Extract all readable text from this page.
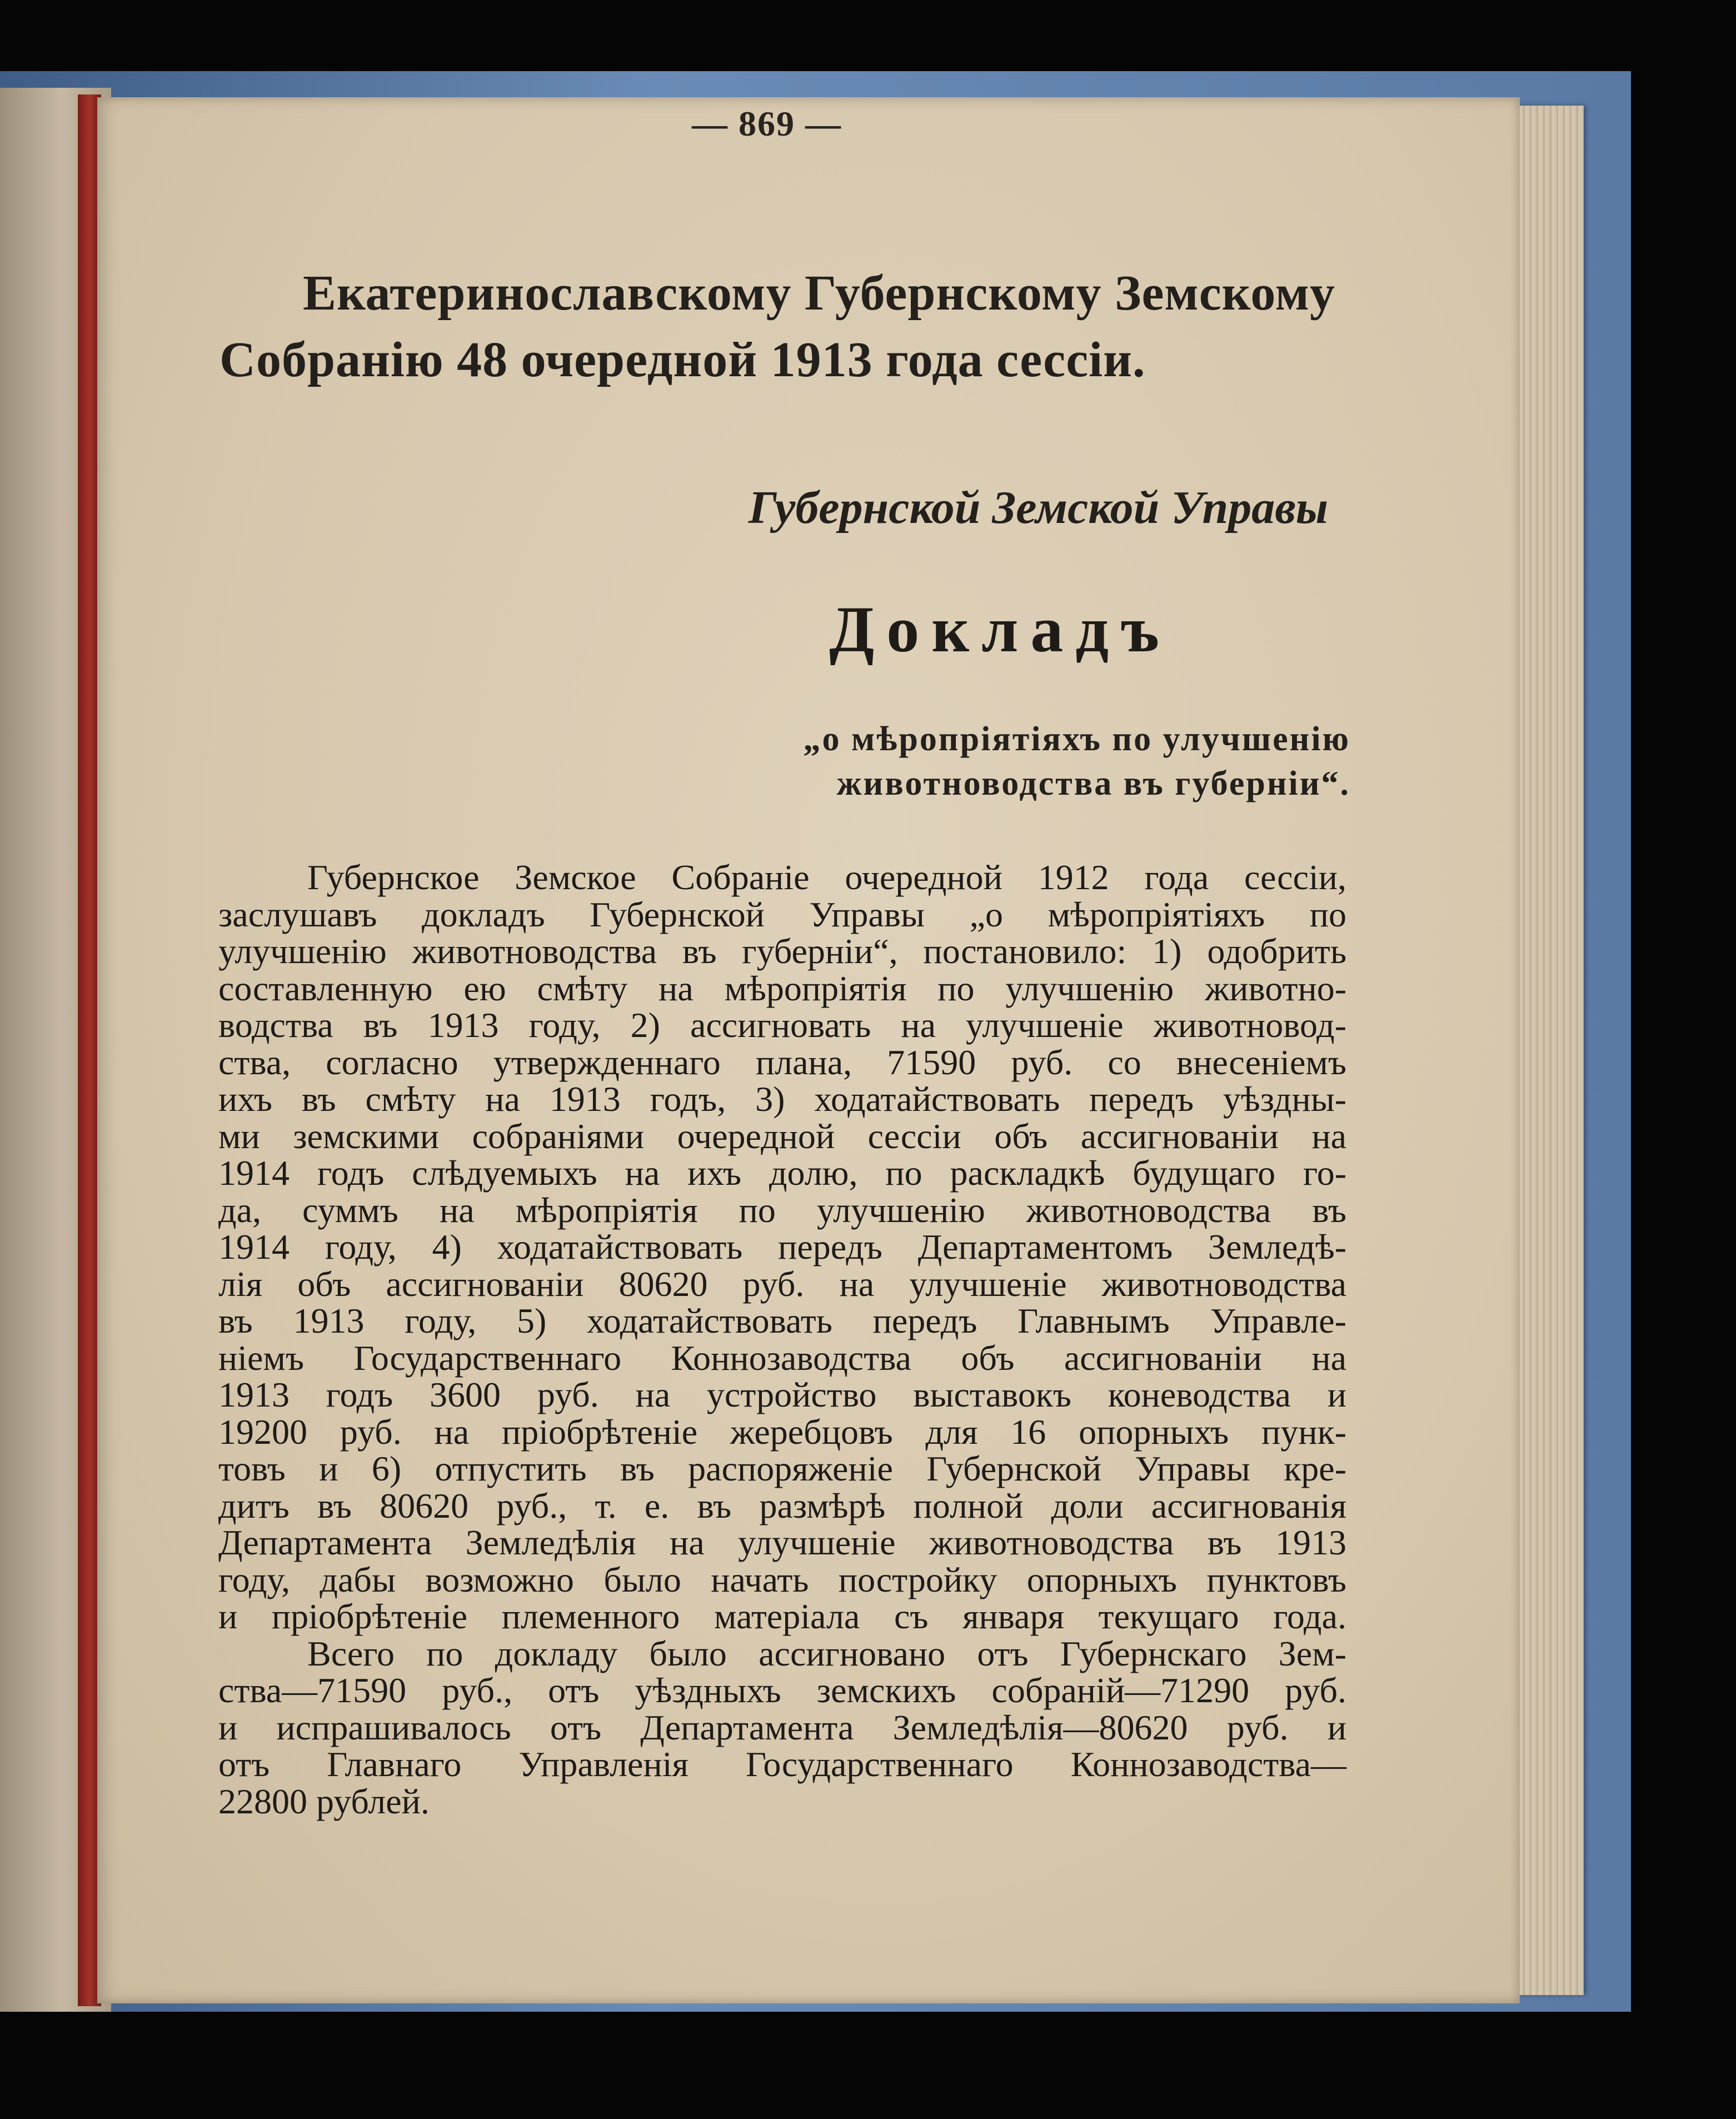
— 869 —
Екатеринославскому Губернскому Земскому
Собранію 48 очередной 1913 года сессіи.
Губернской Земской Управы
Докладъ
„о мѣропріятіяхъ по улучшенію
животноводства въ губерніи“.
Губернское Земское Собраніе очередной 1912 года сессіи,
заслушавъ докладъ Губернской Управы „о мѣропріятіяхъ по
улучшенію животноводства въ губерніи“, постановило: 1) одобрить
составленную ею смѣту на мѣропріятія по улучшенію животно-
водства въ 1913 году, 2) ассигновать на улучшеніе животновод-
ства, согласно утвержденнаго плана, 71590 руб. со внесеніемъ
ихъ въ смѣту на 1913 годъ, 3) ходатайствовать передъ уѣздны-
ми земскими собраніями очередной сессіи объ ассигнованіи на
1914 годъ слѣдуемыхъ на ихъ долю, по раскладкѣ будущаго го-
да, суммъ на мѣропріятія по улучшенію животноводства въ
1914 году, 4) ходатайствовать передъ Департаментомъ Земледѣ-
лія объ ассигнованіи 80620 руб. на улучшеніе животноводства
въ 1913 году, 5) ходатайствовать передъ Главнымъ Управле-
ніемъ Государственнаго Коннозаводства объ ассигнованіи на
1913 годъ 3600 руб. на устройство выставокъ коневодства и
19200 руб. на пріобрѣтеніе жеребцовъ для 16 опорныхъ пунк-
товъ и 6) отпустить въ распоряженіе Губернской Управы кре-
дитъ въ 80620 руб., т. е. въ размѣрѣ полной доли ассигнованія
Департамента Земледѣлія на улучшеніе животноводства въ 1913
году, дабы возможно было начать постройку опорныхъ пунктовъ
и пріобрѣтеніе племенного матеріала съ января текущаго года.
Всего по докладу было ассигновано отъ Губернскаго Зем-
ства—71590 руб., отъ уѣздныхъ земскихъ собраній—71290 руб.
и испрашивалось отъ Департамента Земледѣлія—80620 руб. и
отъ Главнаго Управленія Государственнаго Коннозаводства—
22800 рублей.
